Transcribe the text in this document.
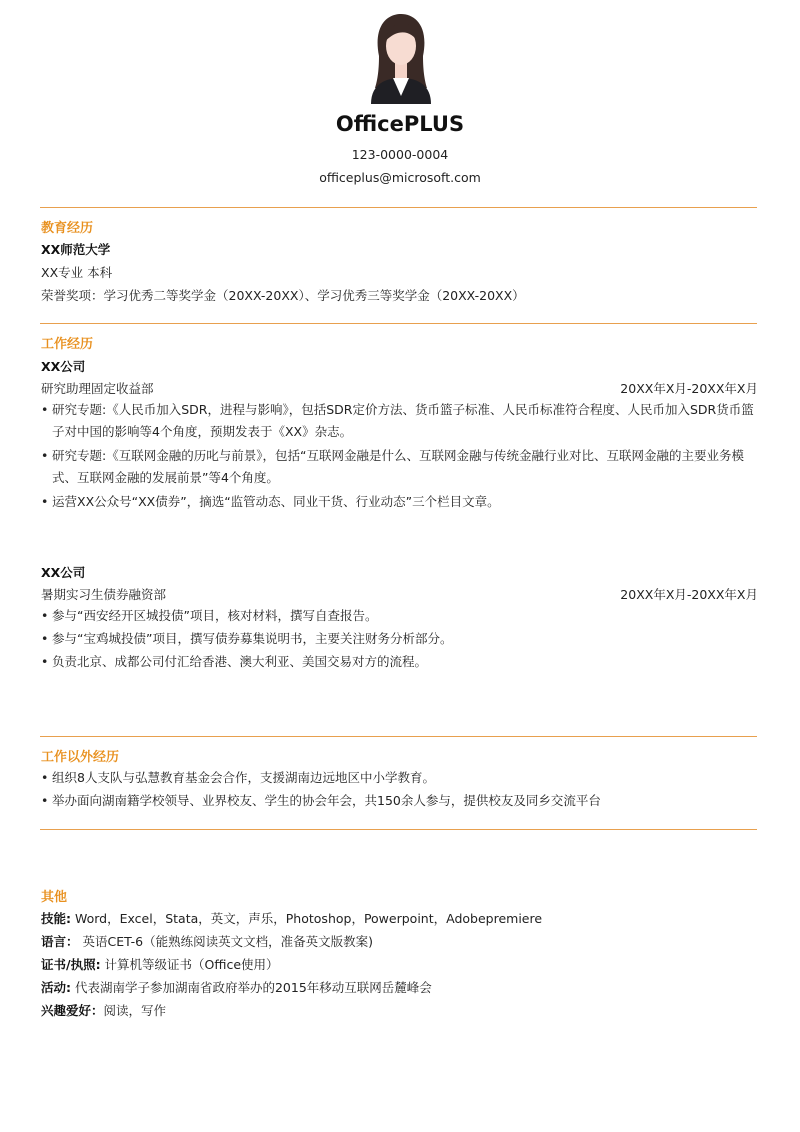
OfficePLUS
123-0000-0004
officeplus@microsoft.com
教育经历
XX师范大学
XX专业 本科
荣誉奖项：学习优秀二等奖学金（20XX-20XX）、学习优秀三等奖学金（20XX-20XX）
工作经历
XX公司
研究助理固定收益部	20XX年X月-20XX年X月
• 研究专题:《人民币加入SDR，进程与影响》，包括SDR定价方法、货币篮子标准、人民币标准符合程度、人民币加入SDR货币篮子对中国的影响等4个角度，预期发表于《XX》杂志。
• 研究专题:《互联网金融的历叱与前景》，包括“互联网金融是什么、互联网金融与传统金融行业对比、互联网金融的主要业务模式、互联网金融的发展前景”等4个角度。
• 运营XX公众号“XX债券”，摘选“监管动态、同业干货、行业动态”三个栏目文章。
XX公司
暑期实习生债券融资部	20XX年X月-20XX年X月
• 参与“西安经开区城投债”项目，核对材料，撰写自查报告。
• 参与“宝鸡城投债”项目，撰写债券募集说明书，主要关注财务分析部分。
• 负责北京、成都公司付汇给香港、澳大利亚、美国交易对方的流程。
工作以外经历
• 组织8人支队与弘慧教育基金会合作，支援湖南边远地区中小学教育。
• 举办面向湖南籍学校领导、业界校友、学生的协会年会，共150余人参与，提供校友及同乡交流平台
其他
技能: Word，Excel，Stata，英文，声乐，Photoshop，Powerpoint，Adobepremiere
语言： 英语CET-6（能熟练阅读英文文档，准备英文版教案)
证书/执照: 计算机等级证书（Office使用）
活动: 代表湖南学子参加湖南省政府举办的2015年移动互联网岳麓峰会
兴趣爱好：阅读，写作
